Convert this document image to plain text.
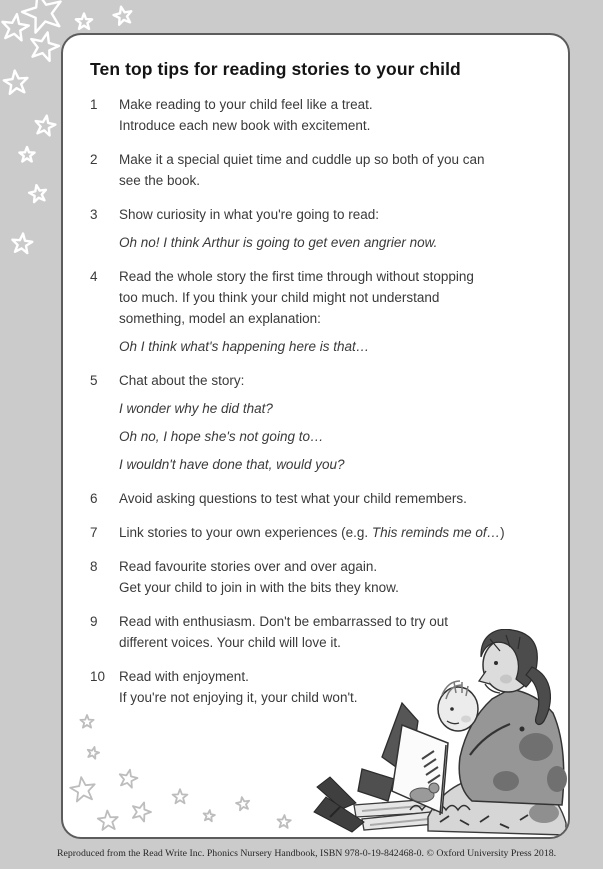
Ten top tips for reading stories to your child
1	Make reading to your child feel like a treat.
Introduce each new book with excitement.
2	Make it a special quiet time and cuddle up so both of you can
see the book.
3	Show curiosity in what you're going to read:
Oh no! I think Arthur is going to get even angrier now.
4	Read the whole story the first time through without stopping
too much. If you think your child might not understand
something, model an explanation:
Oh I think what's happening here is that…
5	Chat about the story:
I wonder why he did that?
Oh no, I hope she's not going to…
I wouldn't have done that, would you?
6	Avoid asking questions to test what your child remembers.
7	Link stories to your own experiences (e.g. This reminds me of…)
8	Read favourite stories over and over again.
Get your child to join in with the bits they know.
9	Read with enthusiasm. Don't be embarrassed to try out
different voices. Your child will love it.
10	Read with enjoyment.
If you're not enjoying it, your child won't.
Reproduced from the Read Write Inc. Phonics Nursery Handbook, ISBN 978-0-19-842468-0. © Oxford University Press 2018.
